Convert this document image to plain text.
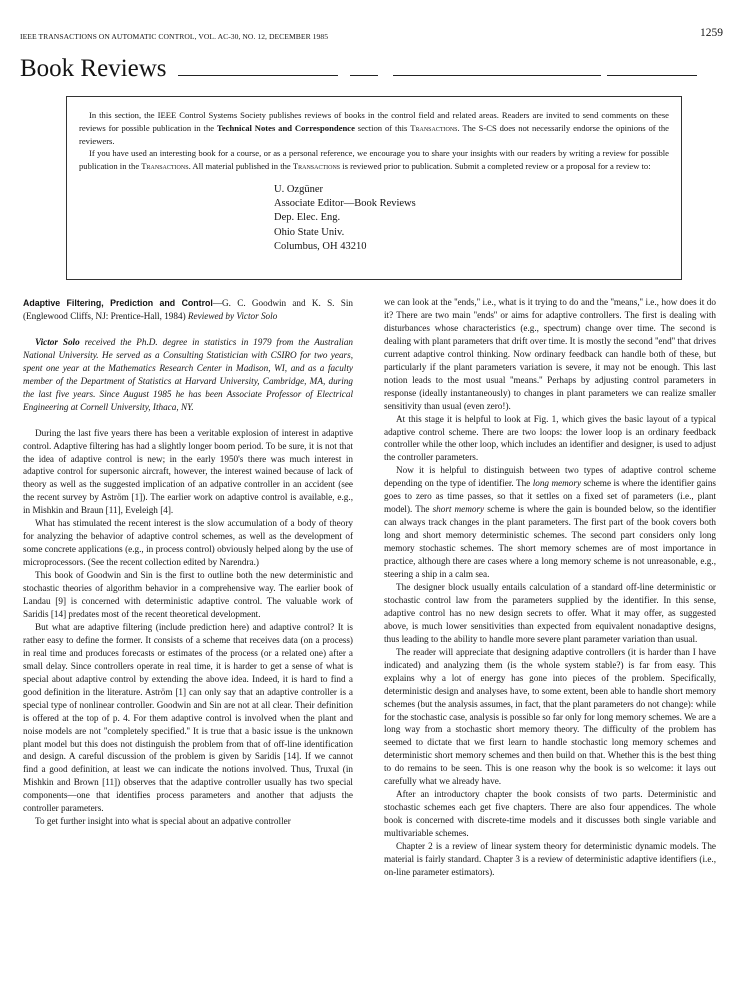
IEEE TRANSACTIONS ON AUTOMATIC CONTROL, VOL. AC-30, NO. 12, DECEMBER 1985	1259
Book Reviews

In this section, the IEEE Control Systems Society publishes reviews of books in the control field and related areas. Readers are invited to send comments on these reviews for possible publication in the Technical Notes and Correspondence section of this Transactions. The S-CS does not necessarily endorse the opinions of the reviewers.

If you have used an interesting book for a course, or as a personal reference, we encourage you to share your insights with our readers by writing a review for possible publication in the Transactions. All material published in the Transactions is reviewed prior to publication. Submit a completed review or a proposal for a review to:

U. Ozgüner
Associate Editor—Book Reviews
Dep. Elec. Eng.
Ohio State Univ.
Columbus, OH 43210

Adaptive Filtering, Prediction and Control—G. C. Goodwin and K. S. Sin (Englewood Cliffs, NJ: Prentice-Hall, 1984) Reviewed by Victor Solo

Victor Solo received the Ph.D. degree in statistics in 1979 from the Australian National University. He served as a Consulting Statistician with CSIRO for two years, spent one year at the Mathematics Research Center in Madison, WI, and as a faculty member of the Department of Statistics at Harvard University, Cambridge, MA, during the last five years. Since August 1985 he has been Associate Professor of Electrical Engineering at Cornell University, Ithaca, NY.

During the last five years there has been a veritable explosion of interest in adaptive control. Adaptive filtering has had a slightly longer boom period. To be sure, it is not that the idea of adaptive control is new; in the early 1950's there was much interest in adaptive control for supersonic aircraft, however, the interest wained because of lack of theory as well as the suggested implication of an adpative controller in an accident (see the recent survey by Aström [1]). The earlier work on adaptive control is available, e.g., in Mishkin and Braun [11], Eveleigh [4].

What has stimulated the recent interest is the slow accumulation of a body of theory for analyzing the behavior of adaptive control schemes, as well as the development of some concrete applications (e.g., in process control) obviously helped along by the use of microprocessors. (See the recent collection edited by Narendra.)

This book of Goodwin and Sin is the first to outline both the new deterministic and stochastic theories of algorithm behavior in a comprehensive way. The earlier book of Landau [9] is concerned with deterministic adaptive control. The valuable work of Saridis [14] predates most of the recent theoretical development.

But what are adaptive filtering (include prediction here) and adaptive control? It is rather easy to define the former. It consists of a scheme that receives data (on a process) in real time and produces forecasts or estimates of the process (or a related one) after a small delay. Since controllers operate in real time, it is harder to get a sense of what is special about adaptive control by extending the above idea. Indeed, it is hard to find a good definition in the literature. Aström [1] can only say that an adaptive controller is a special type of nonlinear controller. Goodwin and Sin are not at all clear. Their definition is offered at the top of p. 4. For them adaptive control is involved when the plant and noise models are not ''completely specified.'' It is true that a basic issue is the unknown plant model but this does not distinguish the problem from that of off-line identification and design. A careful discussion of the problem is given by Saridis [14]. If we cannot find a good definition, at least we can indicate the notions involved. Thus, Truxal (in Mishkin and Brown [11]) observes that the adaptive controller usually has two special components—one that identifies process parameters and another that adjusts the controller parameters.

To get further insight into what is special about an adpative controller

we can look at the ''ends,'' i.e., what is it trying to do and the ''means,'' i.e., how does it do it? There are two main ''ends'' or aims for adaptive controllers. The first is dealing with disturbances whose characteristics (e.g., spectrum) change over time. The second is dealing with plant parameters that drift over time. It is mostly the second ''end'' that drives current adaptive control thinking. Now ordinary feedback can handle both of these, but particularly if the plant parameters variation is severe, it may not be enough. This last notion leads to the most usual ''means.'' Perhaps by adjusting control parameters in response (ideally instantaneously) to changes in plant parameters we can realize smaller sensitivity than usual (even zero!).

At this stage it is helpful to look at Fig. 1, which gives the basic layout of a typical adaptive control scheme. There are two loops: the lower loop is an ordinary feedback controller while the other loop, which includes an identifier and designer, is used to adjust the controller parameters.

Now it is helpful to distinguish between two types of adaptive control scheme depending on the type of identifier. The long memory scheme is where the identifier gains goes to zero as time passes, so that it settles on a fixed set of parameters (i.e., plant model). The short memory scheme is where the gain is bounded below, so the identifier can always track changes in the plant parameters. The first part of the book covers both long and short memory deterministic schemes. The second part considers only long memory stochastic schemes. The short memory schemes are of most importance in practice, although there are cases where a long memory scheme is not unreasonable, e.g., steering a ship in a calm sea.

The designer block usually entails calculation of a standard off-line deterministic or stochastic control law from the parameters supplied by the identifier. In this sense, adaptive control has no new design secrets to offer. What it may offer, as suggested above, is much lower sensitivities than expected from equivalent nonadaptive designs, thus leading to the ability to handle more severe plant parameter variation than usual.

The reader will appreciate that designing adaptive controllers (it is harder than I have indicated) and analyzing them (is the whole system stable?) is far from easy. This explains why a lot of energy has gone into pieces of the problem. Specifically, deterministic design and analyses have, to some extent, been able to handle short memory schemes (but the analysis assumes, in fact, that the plant parameters do not change): while for the stochastic case, analysis is possible so far only for long memory schemes. We are a long way from a stochastic short memory theory. The difficulty of the problem has seemed to dictate that we first learn to handle stochastic long memory schemes and deterministic short memory schemes and then build on that. Whether this is the best thing to do remains to be seen. This is one reason why the book is so welcome: it lays out carefully what we already have.

After an introductory chapter the book consists of two parts. Deterministic and stochastic schemes each get five chapters. There are also four appendices. The whole book is concerned with discrete-time models and it discusses both single variable and multivariable schemes.

Chapter 2 is a review of linear system theory for deterministic dynamic models. The material is fairly standard. Chapter 3 is a review of deterministic adaptive identifiers (i.e., on-line parameter estimators).
